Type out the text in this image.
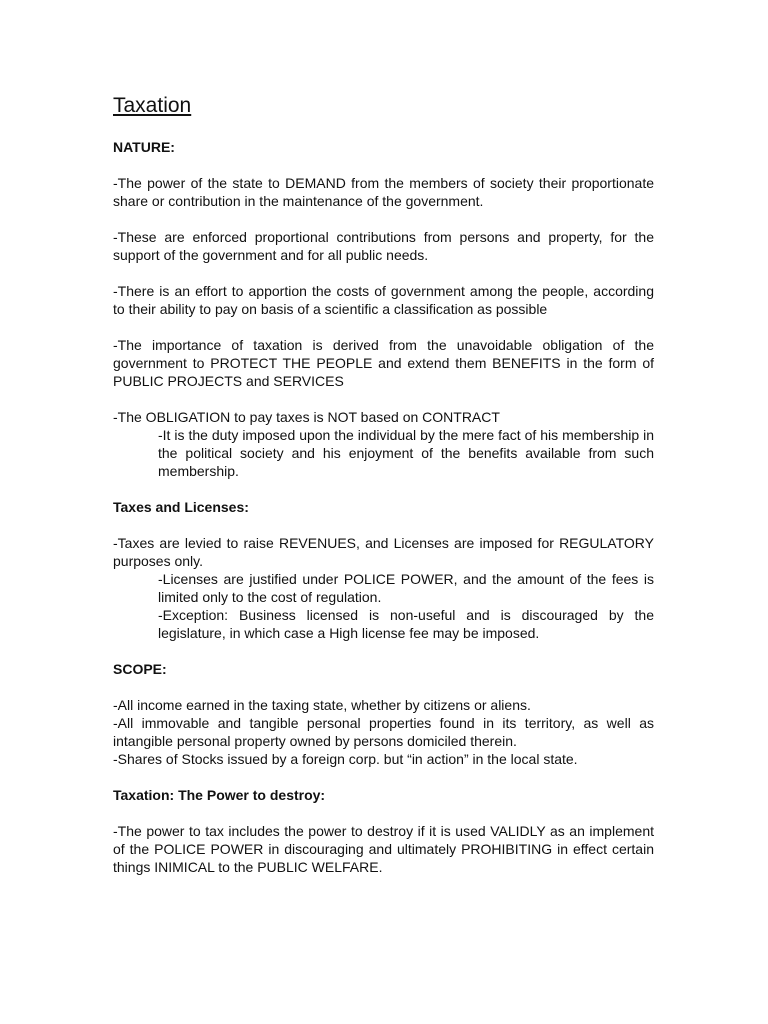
Taxation
NATURE:

-The power of the state to DEMAND from the members of society their proportionate share or contribution in the maintenance of the government.

-These are enforced proportional contributions from persons and property, for the support of the government and for all public needs.

-There is an effort to apportion the costs of government among the people, according to their ability to pay on basis of a scientific a classification as possible

-The importance of taxation is derived from the unavoidable obligation of the government to PROTECT THE PEOPLE and extend them BENEFITS in the form of PUBLIC PROJECTS and SERVICES

-The OBLIGATION to pay taxes is NOT based on CONTRACT

-It is the duty imposed upon the individual by the mere fact of his membership in the political society and his enjoyment of the benefits available from such membership.

Taxes and Licenses:

-Taxes are levied to raise REVENUES, and Licenses are imposed for REGULATORY purposes only.

-Licenses are justified under POLICE POWER, and the amount of the fees is limited only to the cost of regulation.

-Exception: Business licensed is non-useful and is discouraged by the legislature, in which case a High license fee may be imposed.

SCOPE:

-All income earned in the taxing state, whether by citizens or aliens.

-All immovable and tangible personal properties found in its territory, as well as intangible personal property owned by persons domiciled therein.

-Shares of Stocks issued by a foreign corp. but “in action” in the local state.

Taxation: The Power to destroy:

-The power to tax includes the power to destroy if it is used VALIDLY as an implement of the POLICE POWER in discouraging and ultimately PROHIBITING in effect certain things INIMICAL to the PUBLIC WELFARE.
